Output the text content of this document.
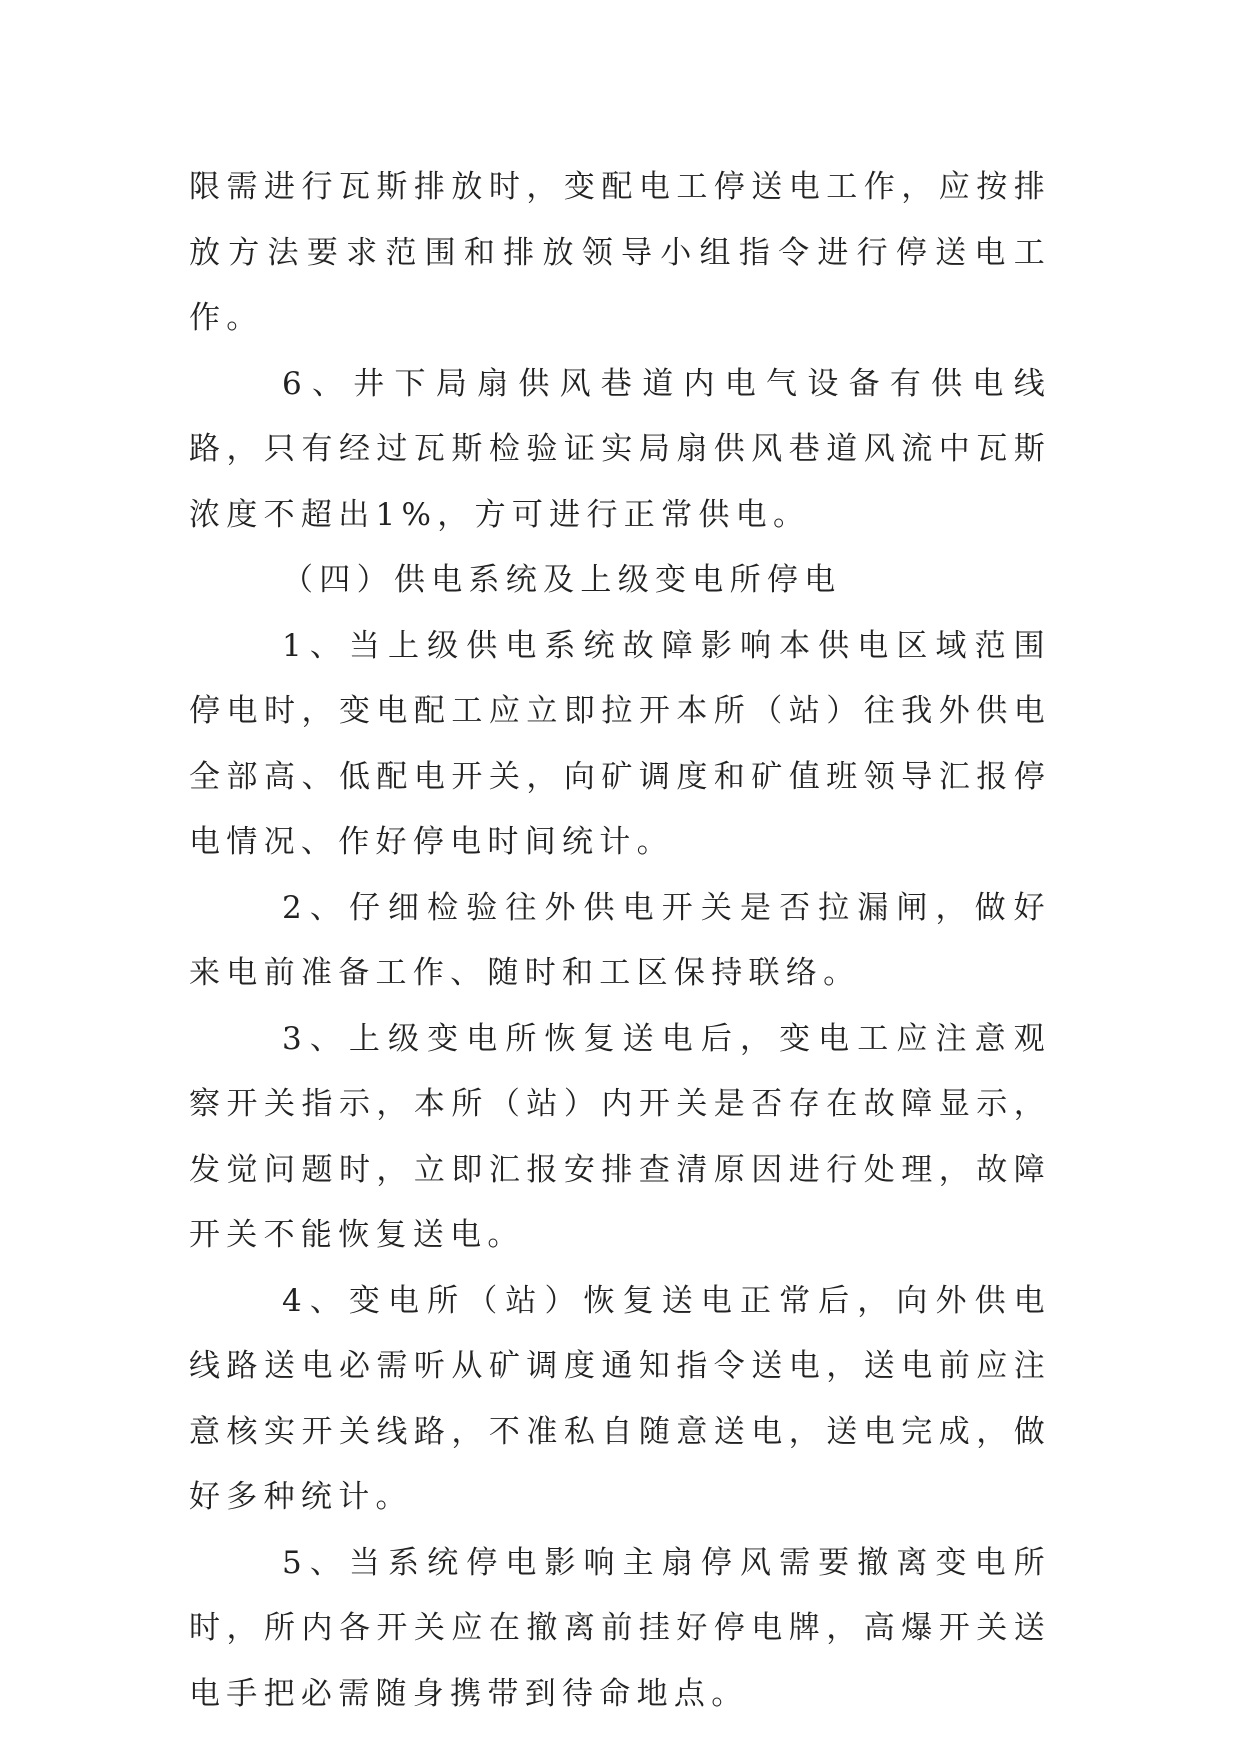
限需进行瓦斯排放时，变配电工停送电工作，应按排放方法要求范围和排放领导小组指令进行停送电工作。

6、井下局扇供风巷道内电气设备有供电线路，只有经过瓦斯检验证实局扇供风巷道风流中瓦斯浓度不超出1%，方可进行正常供电。

（四）供电系统及上级变电所停电

1、当上级供电系统故障影响本供电区域范围停电时，变电配工应立即拉开本所（站）往我外供电全部高、低配电开关，向矿调度和矿值班领导汇报停电情况、作好停电时间统计。

2、仔细检验往外供电开关是否拉漏闸，做好来电前准备工作、随时和工区保持联络。

3、上级变电所恢复送电后，变电工应注意观察开关指示，本所（站）内开关是否存在故障显示，发觉问题时，立即汇报安排查清原因进行处理，故障开关不能恢复送电。

4、变电所（站）恢复送电正常后，向外供电线路送电必需听从矿调度通知指令送电，送电前应注意核实开关线路，不准私自随意送电，送电完成，做好多种统计。

5、当系统停电影响主扇停风需要撤离变电所时，所内各开关应在撤离前挂好停电牌，高爆开关送电手把必需随身携带到待命地点。
